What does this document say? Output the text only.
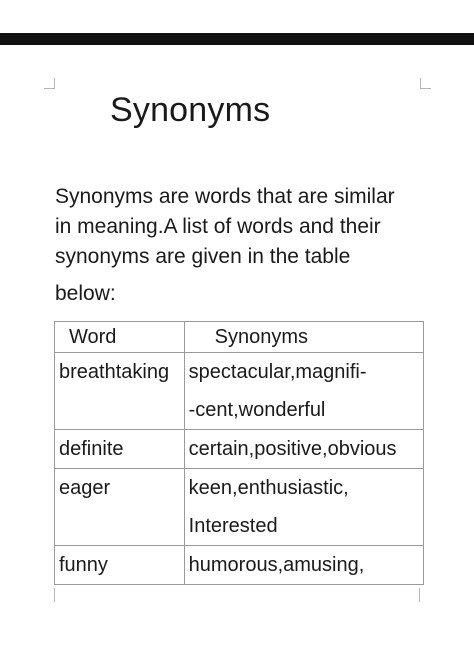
Synonyms

Synonyms are words that are similar
in meaning.A list of words and their
synonyms are given in the table
below:

Word	Synonyms
breathtaking	spectacular,magnifi-
-cent,wonderful

definite	certain,positive,obvious

eager	keen,enthusiastic,
Interested

funny	humorous,amusing,
